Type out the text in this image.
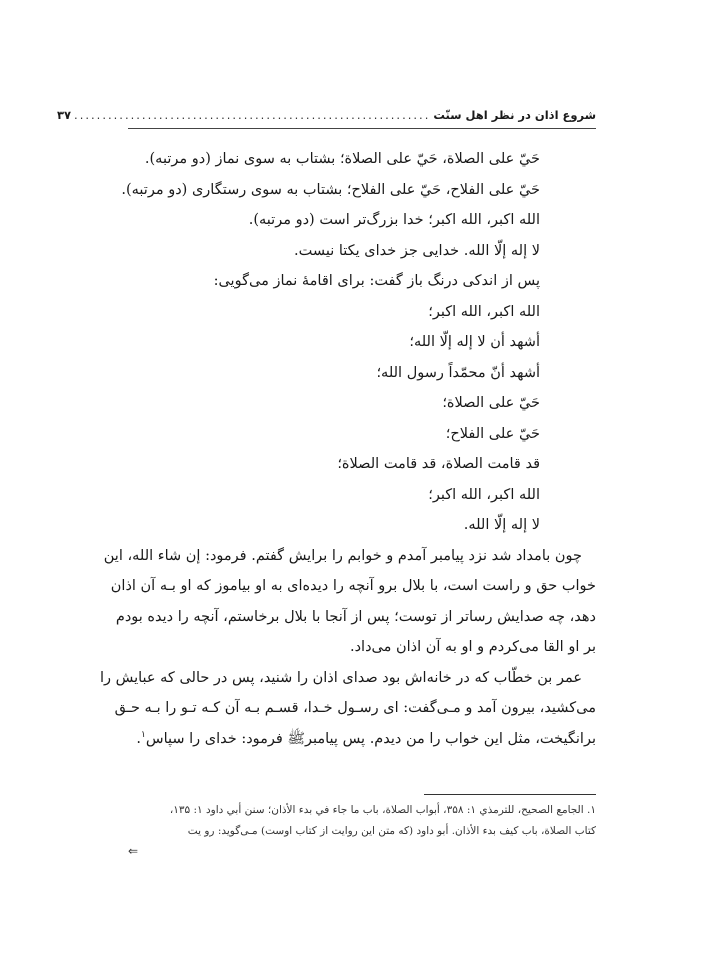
شروع اذان در نظر اهل سنّت
...............................................................
۳۷
حَيّ علی الصلاة، حَيّ علی الصلاة؛ بشتاب به سوی نماز (دو مرتبه).
حَيّ علی الفلاح، حَيّ علی الفلاح؛ بشتاب به سوی رستگاری (دو مرتبه).
الله اكبر، الله اكبر؛ خدا بزرگ‌تر است (دو مرتبه).
لا إله إلّا الله. خدايی جز خدای يكتا نيست.
پس از اندكی درنگ باز گفت: برای اقامهٔ نماز می‌گويی:
الله اكبر، الله اكبر؛
أشهد أن لا إله إلّا الله؛
أشهد أنّ محمّداً رسول الله؛
حَيّ علی الصلاة؛
حَيّ علی الفلاح؛
قد قامت الصلاة، قد قامت الصلاة؛
الله اكبر، الله اكبر؛
لا إله إلّا الله.
چون بامداد شد نزد پيامبر آمدم و خوابم را برايش گفتم. فرمود: إن شاء الله، اين
خواب حق و راست است، با بلال برو آنچه را ديده‌ای به او بياموز كه او بـه آن اذان
دهد، چه صدايش رساتر از توست؛ پس از آنجا با بلال برخاستم، آنچه را ديده بودم
بر او القا می‌كردم و او به آن اذان می‌داد.
عمر بن خطّاب كه در خانه‌اش بود صدای اذان را شنيد، پس در حالی كه عبايش را
می‌كشيد، بيرون آمد و مـی‌گفت: ای رسـول خـدا، قسـم بـه آن كـه تـو را بـه حـق
برانگيخت، مثل اين خواب را من ديدم. پس پيامبرﷺ فرمود: خدای را سپاس$^۱$.
۱. الجامع الصحيح، للترمذي ۱: ۳۵۸، أبواب الصلاة، باب ما جاء في بدء الأذان؛ سنن أبي داود ۱: ۱۳۵،
كتاب الصلاة، باب كيف بدء الأذان. أبو داود (كه متن اين روايت از كتاب اوست) مـی‌گويد: رو يت
⇐
